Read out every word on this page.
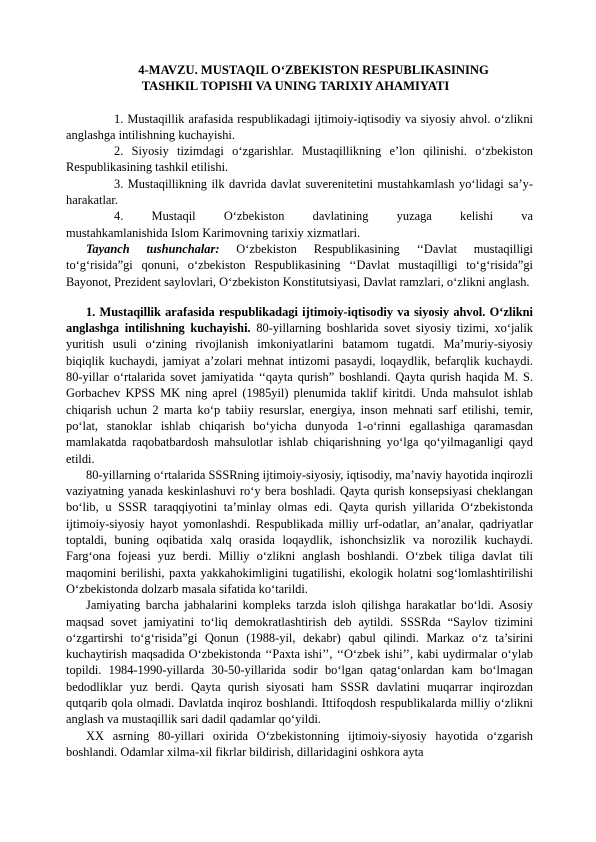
4-MAVZU. MUSTAQIL O‘ZBEKISTON RESPUBLIKASINING
TASHKIL TOPISHI VA UNING TARIXIY AHAMIYATI

1. Mustaqillik arafasida respublikadagi ijtimoiy-iqtisodiy va siyosiy ahvol. o‘zlikni anglashga intilishning kuchayishi.

2. Siyosiy tizimdagi o‘zgarishlar. Mustaqillikning e’lon qilinishi. o‘zbekiston Respublikasining tashkil etilishi.

3. Mustaqillikning ilk davrida davlat suverenitetini mustahkamlash yo‘lidagi sa’y-harakatlar.

4. Mustaqil O‘zbekiston davlatining yuzaga kelishi va

mustahkamlanishida Islom Karimovning tarixiy xizmatlari.

Tayanch tushunchalar: O‘zbekiston Respublikasining ‘‘Davlat mustaqilligi to‘g‘risida”gi qonuni, o‘zbekiston Respublikasining ‘‘Davlat mustaqilligi to‘g‘risida”gi Bayonot, Prezident saylovlari, O‘zbekiston Konstitutsiyasi, Davlat ramzlari, o‘zlikni anglash.

1. Mustaqillik arafasida respublikadagi ijtimoiy-iqtisodiy va siyosiy ahvol. O‘zlikni anglashga intilishning kuchayishi. 80-yillarning boshlarida sovet siyosiy tizimi, xo‘jalik yuritish usuli o‘zining rivojlanish imkoniyatlarini batamom tugatdi. Ma’muriy-siyosiy biqiqlik kuchaydi, jamiyat a’zolari mehnat intizomi pasaydi, loqaydlik, befarqlik kuchaydi. 80-yillar o‘rtalarida sovet jamiyatida ‘‘qayta qurish” boshlandi. Qayta qurish haqida M. S. Gorbachev KPSS MK ning aprel (1985yil) plenumida taklif kiritdi. Unda mahsulot ishlab chiqarish uchun 2 marta ko‘p tabiiy resurslar, energiya, inson mehnati sarf etilishi, temir, po‘lat, stanoklar ishlab chiqarish bo‘yicha dunyoda 1-o‘rinni egallashiga qaramasdan mamlakatda raqobatbardosh mahsulotlar ishlab chiqarishning yo‘lga qo‘yilmaganligi qayd etildi.

80-yillarning o‘rtalarida SSSRning ijtimoiy-siyosiy, iqtisodiy, ma’naviy hayotida inqirozli vaziyatning yanada keskinlashuvi ro‘y bera boshladi. Qayta qurish konsepsiyasi cheklangan bo‘lib, u SSSR taraqqiyotini ta’minlay olmas edi. Qayta qurish yillarida O‘zbekistonda ijtimoiy-siyosiy hayot yomonlashdi. Respublikada milliy urf-odatlar, an’analar, qadriyatlar toptaldi, buning oqibatida xalq orasida loqaydlik, ishonchsizlik va norozilik kuchaydi. Farg‘ona fojeasi yuz berdi. Milliy o‘zlikni anglash boshlandi. O‘zbek tiliga davlat tili maqomini berilishi, paxta yakkahokimligini tugatilishi, ekologik holatni sog‘lomlashtirilishi O‘zbekistonda dolzarb masala sifatida ko‘tarildi.

Jamiyating barcha jabhalarini kompleks tarzda isloh qilishga harakatlar bo‘ldi. Asosiy maqsad sovet jamiyatini to‘liq demokratlashtirish deb aytildi. SSSRda “Saylov tizimini o‘zgartirshi to‘g‘risida”gi Qonun (1988-yil, dekabr) qabul qilindi. Markaz o‘z ta’sirini kuchaytirish maqsadida O‘zbekistonda ‘‘Paxta ishi’’, ‘‘O‘zbek ishi’’, kabi uydirmalar o‘ylab topildi. 1984-1990-yillarda 30-50-yillarida sodir bo‘lgan qatag‘onlardan kam bo‘lmagan bedodliklar yuz berdi. Qayta qurish siyosati ham SSSR davlatini muqarrar inqirozdan qutqarib qola olmadi. Davlatda inqiroz boshlandi. Ittifoqdosh respublikalarda milliy o‘zlikni anglash va mustaqillik sari dadil qadamlar qo‘yildi.

XX asrning 80-yillari oxirida O‘zbekistonning ijtimoiy-siyosiy hayotida o‘zgarish boshlandi. Odamlar xilma-xil fikrlar bildirish, dillaridagini oshkora ayta
